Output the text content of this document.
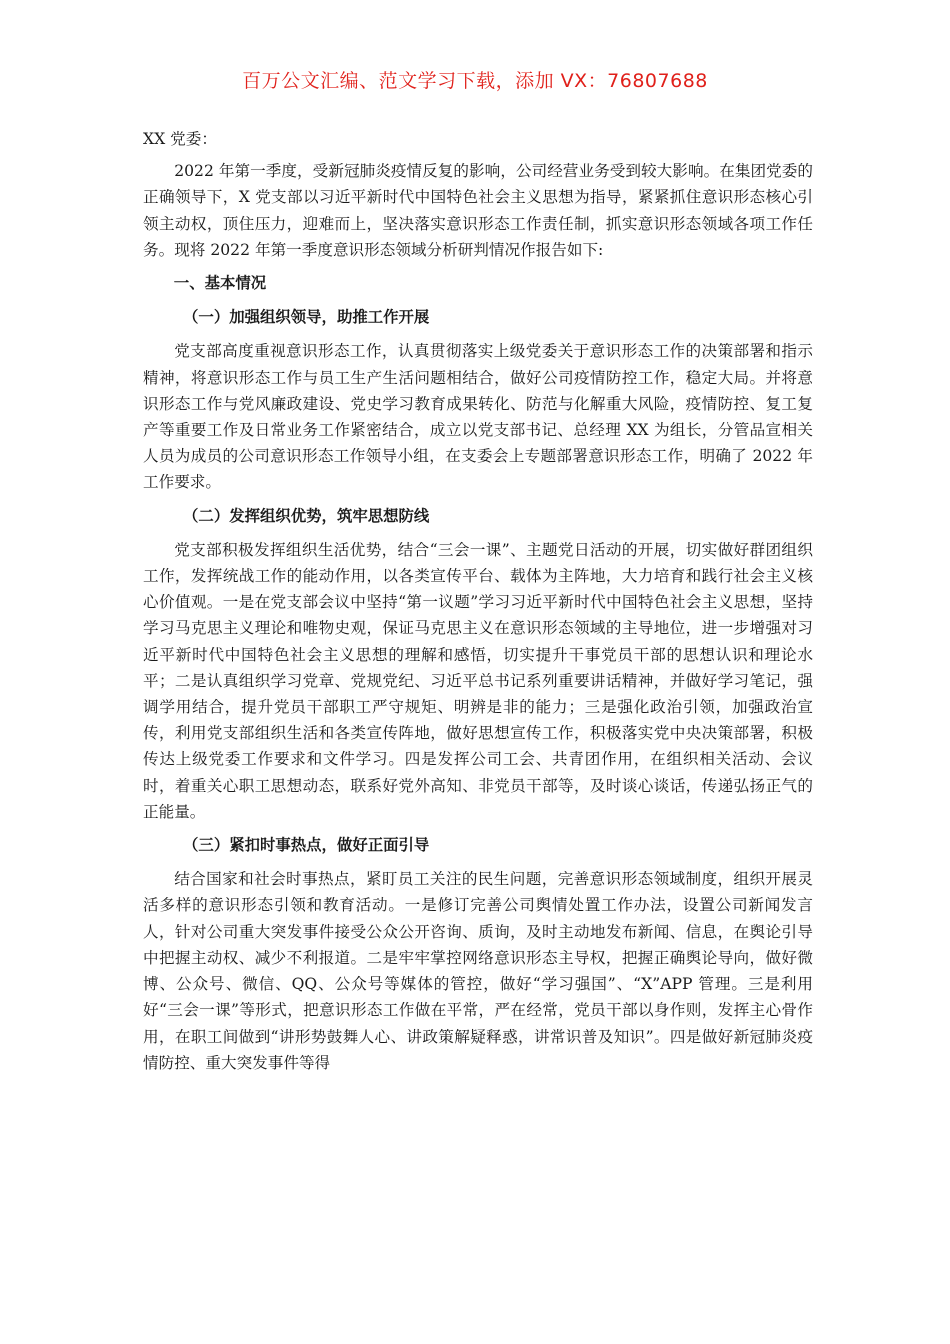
百万公文汇编、范文学习下载，添加 VX：76807688

XX 党委：

2022 年第一季度，受新冠肺炎疫情反复的影响，公司经营业务受到较大影响。在集团党委的正确领导下，X 党支部以习近平新时代中国特色社会主义思想为指导，紧紧抓住意识形态核心引领主动权，顶住压力，迎难而上，坚决落实意识形态工作责任制，抓实意识形态领域各项工作任务。现将 2022 年第一季度意识形态领域分析研判情况作报告如下:

一、基本情况

（一）加强组织领导，助推工作开展

党支部高度重视意识形态工作，认真贯彻落实上级党委关于意识形态工作的决策部署和指示精神，将意识形态工作与员工生产生活问题相结合，做好公司疫情防控工作，稳定大局。并将意识形态工作与党风廉政建设、党史学习教育成果转化、防范与化解重大风险，疫情防控、复工复产等重要工作及日常业务工作紧密结合，成立以党支部书记、总经理 XX 为组长，分管品宣相关人员为成员的公司意识形态工作领导小组，在支委会上专题部署意识形态工作，明确了 2022 年工作要求。

（二）发挥组织优势，筑牢思想防线

党支部积极发挥组织生活优势，结合“三会一课”、主题党日活动的开展，切实做好群团组织工作，发挥统战工作的能动作用，以各类宣传平台、载体为主阵地，大力培育和践行社会主义核心价值观。一是在党支部会议中坚持“第一议题”学习习近平新时代中国特色社会主义思想，坚持学习马克思主义理论和唯物史观，保证马克思主义在意识形态领域的主导地位，进一步增强对习近平新时代中国特色社会主义思想的理解和感悟，切实提升干事党员干部的思想认识和理论水平；二是认真组织学习党章、党规党纪、习近平总书记系列重要讲话精神，并做好学习笔记，强调学用结合，提升党员干部职工严守规矩、明辨是非的能力；三是强化政治引领，加强政治宣传，利用党支部组织生活和各类宣传阵地，做好思想宣传工作，积极落实党中央决策部署，积极传达上级党委工作要求和文件学习。四是发挥公司工会、共青团作用，在组织相关活动、会议时，着重关心职工思想动态，联系好党外高知、非党员干部等，及时谈心谈话，传递弘扬正气的正能量。

（三）紧扣时事热点，做好正面引导

结合国家和社会时事热点，紧盯员工关注的民生问题，完善意识形态领域制度，组织开展灵活多样的意识形态引领和教育活动。一是修订完善公司舆情处置工作办法，设置公司新闻发言人，针对公司重大突发事件接受公众公开咨询、质询，及时主动地发布新闻、信息，在舆论引导中把握主动权、减少不利报道。二是牢牢掌控网络意识形态主导权，把握正确舆论导向，做好微博、公众号、微信、QQ、公众号等媒体的管控，做好“学习强国”、“X”APP 管理。三是利用好“三会一课”等形式，把意识形态工作做在平常，严在经常，党员干部以身作则，发挥主心骨作用，在职工间做到“讲形势鼓舞人心、讲政策解疑释惑，讲常识普及知识”。四是做好新冠肺炎疫情防控、重大突发事件等得
